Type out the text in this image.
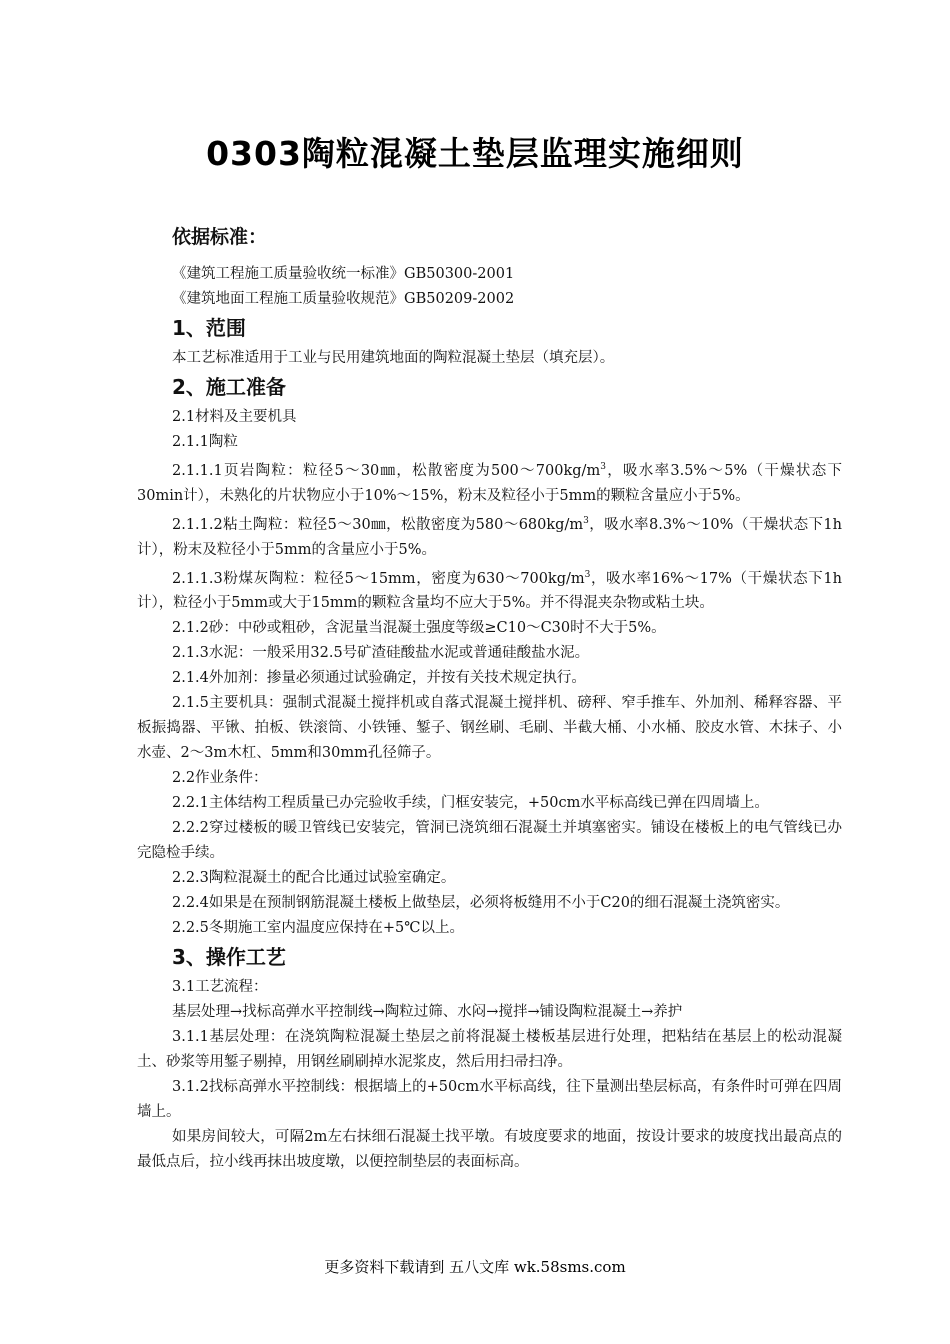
0303陶粒混凝土垫层监理实施细则
依据标准：

《建筑工程施工质量验收统一标准》GB50300-2001

《建筑地面工程施工质量验收规范》GB50209-2002

1、范围

本工艺标准适用于工业与民用建筑地面的陶粒混凝土垫层（填充层）。

2、施工准备

2.1材料及主要机具

2.1.1陶粒

2.1.1.1页岩陶粒：粒径5～30㎜，松散密度为$500\sim 700kg/m^3$，吸水率3.5%～5%（干燥状态下30min计），未熟化的片状物应小于10%～15%，粉末及粒径小于5mm的颗粒含量应小于5%。

2.1.1.2粘土陶粒：粒径5～30㎜，松散密度为$580\sim 680kg/m^3$，吸水率8.3%～10%（干燥状态下1h计），粉末及粒径小于5mm的含量应小于5%。

2.1.1.3粉煤灰陶粒：粒径5～15mm，密度为$630\sim 700kg/m^3$，吸水率16%～17%（干燥状态下1h计），粒径小于5mm或大于15mm的颗粒含量均不应大于5%。并不得混夹杂物或粘土块。

2.1.2砂：中砂或粗砂，含泥量当混凝土强度等级≥C10～C30时不大于5%。

2.1.3水泥：一般采用32.5号矿渣硅酸盐水泥或普通硅酸盐水泥。

2.1.4外加剂：掺量必须通过试验确定，并按有关技术规定执行。

2.1.5主要机具：强制式混凝土搅拌机或自落式混凝土搅拌机、磅秤、窄手推车、外加剂、稀释容器、平板振捣器、平锹、拍板、铁滚筒、小铁锤、錾子、钢丝刷、毛刷、半截大桶、小水桶、胶皮水管、木抹子、小水壶、2～3m木杠、5mm和30mm孔径筛子。

2.2作业条件：

2.2.1主体结构工程质量已办完验收手续，门框安装完，+50cm水平标高线已弹在四周墙上。

2.2.2穿过楼板的暖卫管线已安装完，管洞已浇筑细石混凝土并填塞密实。铺设在楼板上的电气管线已办完隐检手续。

2.2.3陶粒混凝土的配合比通过试验室确定。

2.2.4如果是在预制钢筋混凝土楼板上做垫层，必须将板缝用不小于C20的细石混凝土浇筑密实。

2.2.5冬期施工室内温度应保持在+5℃以上。

3、操作工艺

3.1工艺流程：

基层处理→找标高弹水平控制线→陶粒过筛、水闷→搅拌→铺设陶粒混凝土→养护

3.1.1基层处理：在浇筑陶粒混凝土垫层之前将混凝土楼板基层进行处理，把粘结在基层上的松动混凝土、砂浆等用錾子剔掉，用钢丝刷刷掉水泥浆皮，然后用扫帚扫净。

3.1.2找标高弹水平控制线：根据墙上的+50cm水平标高线，往下量测出垫层标高，有条件时可弹在四周墙上。

如果房间较大，可隔2m左右抹细石混凝土找平墩。有坡度要求的地面，按设计要求的坡度找出最高点的最低点后，拉小线再抹出坡度墩，以便控制垫层的表面标高。

更多资料下载请到 五八文库 wk.58sms.com
